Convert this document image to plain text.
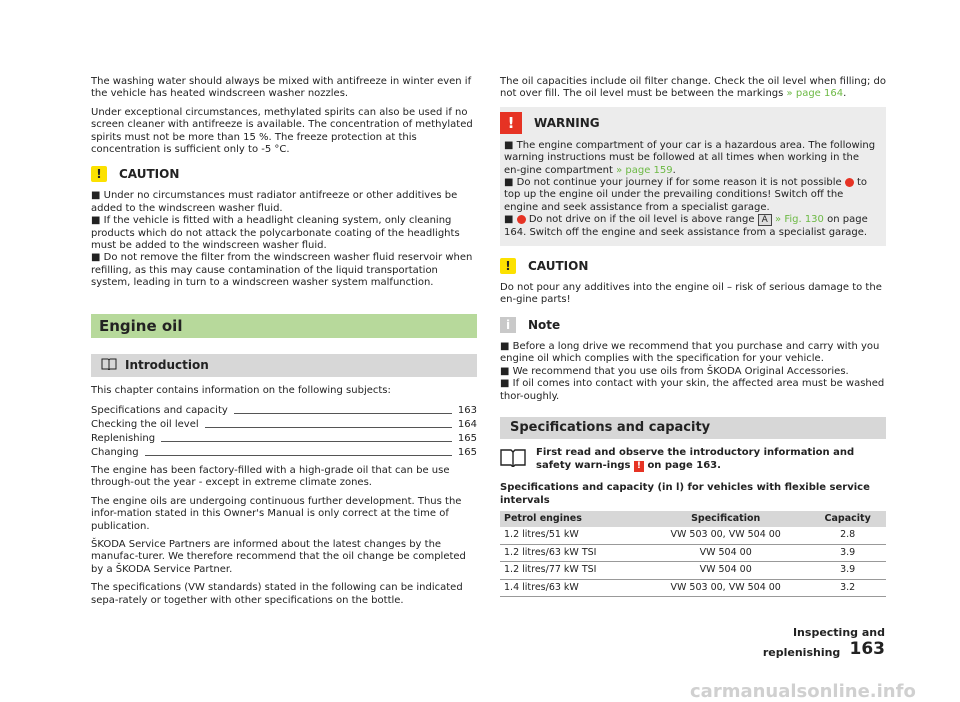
The washing water should always be mixed with antifreeze in winter even if the vehicle has heated windscreen washer nozzles.

Under exceptional circumstances, methylated spirits can also be used if no screen cleaner with antifreeze is available. The concentration of methylated spirits must not be more than 15 %. The freeze protection at this concentration is sufficient only to -5 °C.

!	CAUTION
■ Under no circumstances must radiator antifreeze or other additives be added to the windscreen washer fluid.
■ If the vehicle is fitted with a headlight cleaning system, only cleaning products which do not attack the polycarbonate coating of the headlights must be added to the windscreen washer fluid.
■ Do not remove the filter from the windscreen washer fluid reservoir when refilling, as this may cause contamination of the liquid transportation system, leading in turn to a windscreen washer system malfunction.
Engine oil
Introduction

This chapter contains information on the following subjects:

Specifications and capacity	163
Checking the oil level	164
Replenishing	165
Changing	165

The engine has been factory-filled with a high-grade oil that can be use through-out the year - except in extreme climate zones.

The engine oils are undergoing continuous further development. Thus the infor-mation stated in this Owner's Manual is only correct at the time of publication.

ŠKODA Service Partners are informed about the latest changes by the manufac-turer. We therefore recommend that the oil change be completed by a ŠKODA Service Partner.

The specifications (VW standards) stated in the following can be indicated sepa-rately or together with other specifications on the bottle.

The oil capacities include oil filter change. Check the oil level when filling; do not over fill. The oil level must be between the markings » page 164.

!	WARNING
■ The engine compartment of your car is a hazardous area. The following warning instructions must be followed at all times when working in the en-gine compartment » page 159.
■ Do not continue your journey if for some reason it is not possible to top up the engine oil under the prevailing conditions! Switch off the engine and seek assistance from a specialist garage.
■  Do not drive on if the oil level is above range A » Fig. 130 on page 164. Switch off the engine and seek assistance from a specialist garage.
!	CAUTION

Do not pour any additives into the engine oil – risk of serious damage to the en-gine parts!

i	Note
■ Before a long drive we recommend that you purchase and carry with you engine oil which complies with the specification for your vehicle.
■ We recommend that you use oils from ŠKODA Original Accessories.
■ If oil comes into contact with your skin, the affected area must be washed thor-oughly.
Specifications and capacity
First read and observe the introductory information and safety warn-ings ! on page 163.
Specifications and capacity (in l) for vehicles with flexible service intervals
Petrol engines	Specification	Capacity
1.2 litres/51 kW	VW 503 00, VW 504 00	2.8
1.2 litres/63 kW TSI	VW 504 00	3.9
1.2 litres/77 kW TSI	VW 504 00	3.9
1.4 litres/63 kW	VW 503 00, VW 504 00	3.2
Inspecting and replenishing 163
carmanualsonline.info
